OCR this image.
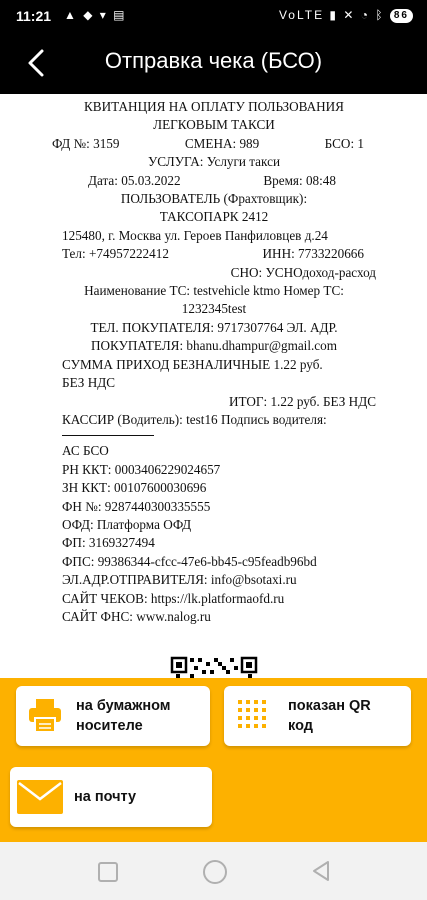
11:21 ▲ ◆ ▾ ▤	VoLTE ▮ ✕ ◔ ᛒ 86
Отправка чека (БСО)
КВИТАНЦИЯ НА ОПЛАТУ ПОЛЬЗОВАНИЯ
ЛЕГКОВЫМ ТАКСИ
ФД №: 3159	СМЕНА: 989	БСО: 1
УСЛУГА: Услуги такси
Дата: 05.03.2022	Время: 08:48
ПОЛЬЗОВАТЕЛЬ (Фрахтовщик):
ТАКСОПАРК 2412
125480, г. Москва ул. Героев Панфиловцев д.24
Тел: +74957222412	ИНН: 7733220666
СНО: УСНОдоход-расход
Наименование ТС: testvehicle ktmo Номер ТС:
1232345test
ТЕЛ. ПОКУПАТЕЛЯ: 9717307764 ЭЛ. АДР.
ПОКУПАТЕЛЯ: bhanu.dhampur@gmail.com
СУММА ПРИХОД БЕЗНАЛИЧНЫЕ 1.22 руб.
БЕЗ НДС
ИТОГ: 1.22 руб. БЕЗ НДС
КАССИР (Водитель): test16 Подпись водителя:
АС БСО
РН ККТ: 0003406229024657
ЗН ККТ: 00107600030696
ФН №: 9287440300335555
ОФД: Платформа ОФД
ФП: 3169327494
ФПС: 99386344-cfcc-47e6-bb45-c95feadb96bd
ЭЛ.АДР.ОТПРАВИТЕЛЯ: info@bsotaxi.ru
САЙТ ЧЕКОВ: https://lk.platformaofd.ru
САЙТ ФНС: www.nalog.ru
на бумажном
носителе
показан QR
код
на почту
